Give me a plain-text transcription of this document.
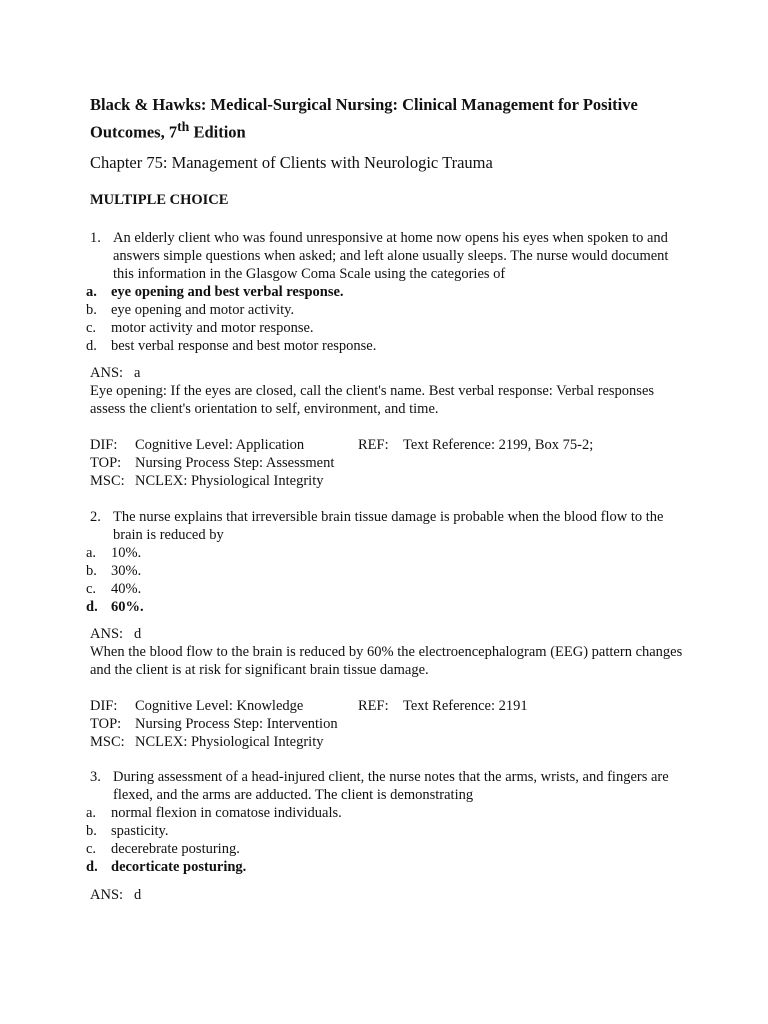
Black & Hawks: Medical-Surgical Nursing: Clinical Management for Positive Outcomes, 7th Edition
Chapter 75: Management of Clients with Neurologic Trauma
MULTIPLE CHOICE
1. An elderly client who was found unresponsive at home now opens his eyes when spoken to and answers simple questions when asked; and left alone usually sleeps. The nurse would document this information in the Glasgow Coma Scale using the categories of
a. eye opening and best verbal response.
b. eye opening and motor activity.
c. motor activity and motor response.
d. best verbal response and best motor response.
ANS: a
Eye opening: If the eyes are closed, call the client's name. Best verbal response: Verbal responses assess the client's orientation to self, environment, and time.
DIF: Cognitive Level: Application	REF: Text Reference: 2199, Box 75-2;
TOP: Nursing Process Step: Assessment
MSC: NCLEX: Physiological Integrity
2. The nurse explains that irreversible brain tissue damage is probable when the blood flow to the brain is reduced by
a. 10%.
b. 30%.
c. 40%.
d. 60%.
ANS: d
When the blood flow to the brain is reduced by 60% the electroencephalogram (EEG) pattern changes and the client is at risk for significant brain tissue damage.
DIF: Cognitive Level: Knowledge	REF: Text Reference: 2191
TOP: Nursing Process Step: Intervention
MSC: NCLEX: Physiological Integrity
3. During assessment of a head-injured client, the nurse notes that the arms, wrists, and fingers are flexed, and the arms are adducted. The client is demonstrating
a. normal flexion in comatose individuals.
b. spasticity.
c. decerebrate posturing.
d. decorticate posturing.
ANS: d
